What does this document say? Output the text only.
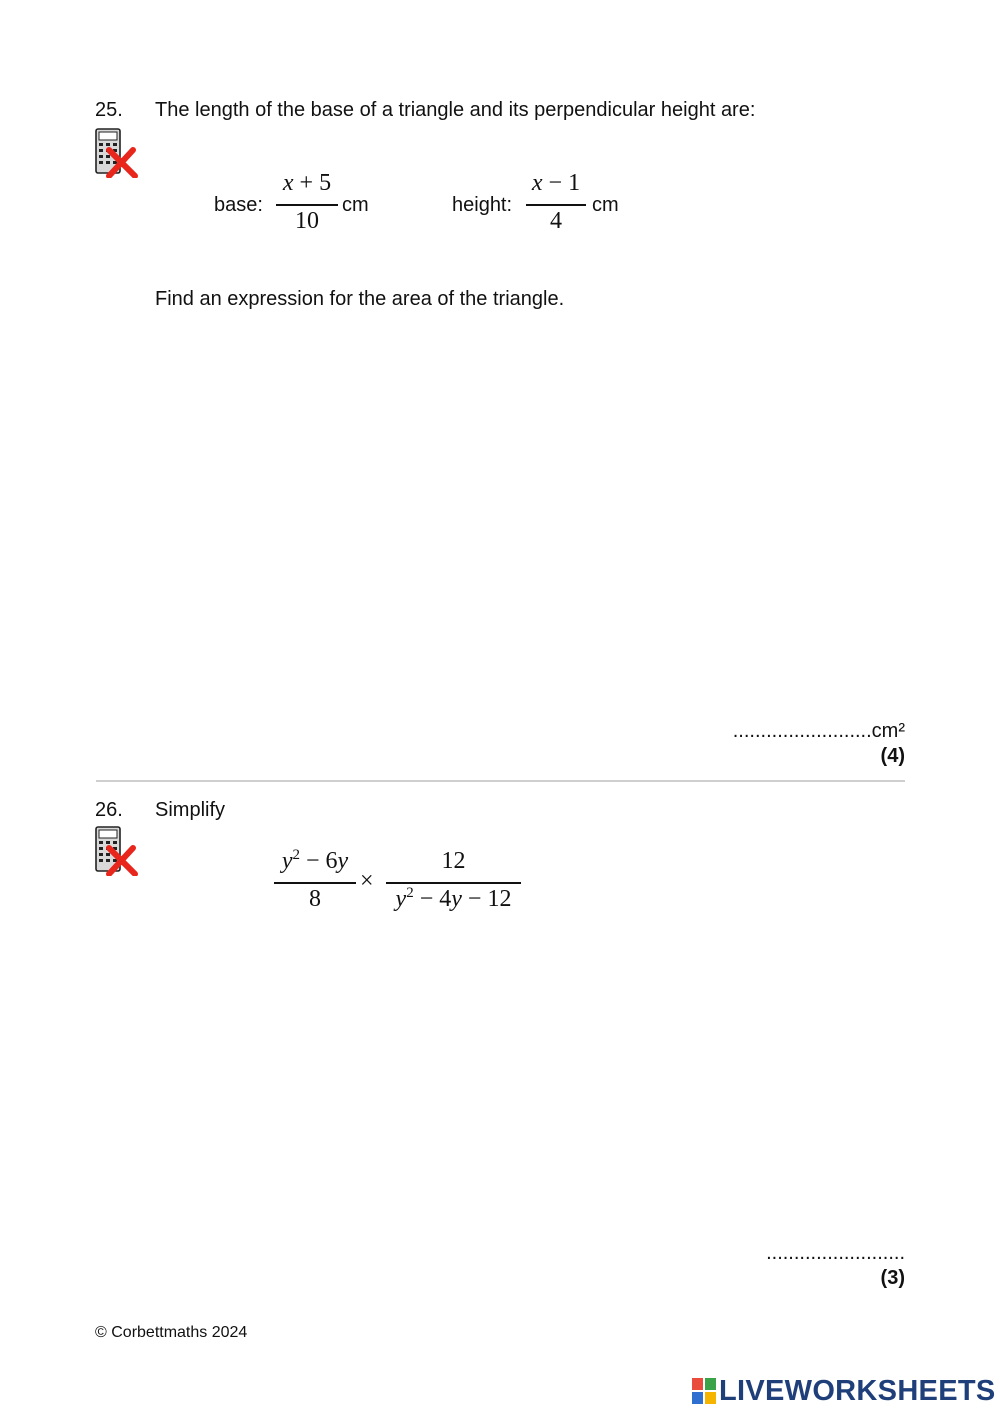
25. The length of the base of a triangle and its perpendicular height are:
base:
x + 5
10
cm	height:
x − 1
4
cm
Find an expression for the area of the triangle.
.........................cm²
(4)
26. Simplify
$y^2 - 6y$
8
×
12
$y^2 - 4y - 12$
.........................
(3)
© Corbettmaths 2024
LIVEWORKSHEETS
